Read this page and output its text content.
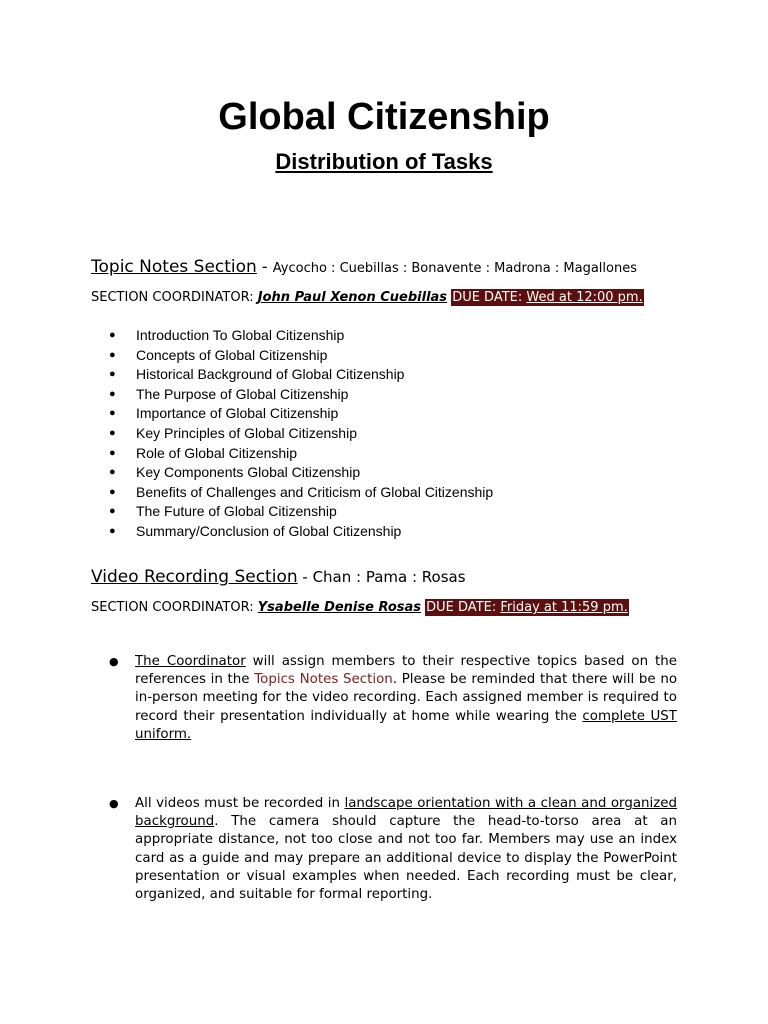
Global Citizenship
Distribution of Tasks
Topic Notes Section - Aycocho : Cuebillas : Bonavente : Madrona : Magallones
SECTION COORDINATOR: John Paul Xenon Cuebillas DUE DATE: Wed at 12:00 pm.
● Introduction To Global Citizenship
● Concepts of Global Citizenship
● Historical Background of Global Citizenship
● The Purpose of Global Citizenship
● Importance of Global Citizenship
● Key Principles of Global Citizenship
● Role of Global Citizenship
● Key Components Global Citizenship
● Benefits of Challenges and Criticism of Global Citizenship
● The Future of Global Citizenship
● Summary/Conclusion of Global Citizenship
Video Recording Section - Chan : Pama : Rosas
SECTION COORDINATOR: Ysabelle Denise Rosas DUE DATE: Friday at 11:59 pm.
● The Coordinator will assign members to their respective topics based on the references in the Topics Notes Section. Please be reminded that there will be no in-person meeting for the video recording. Each assigned member is required to record their presentation individually at home while wearing the complete UST uniform.
● All videos must be recorded in landscape orientation with a clean and organized background. The camera should capture the head-to-torso area at an appropriate distance, not too close and not too far. Members may use an index card as a guide and may prepare an additional device to display the PowerPoint presentation or visual examples when needed. Each recording must be clear, organized, and suitable for formal reporting.
